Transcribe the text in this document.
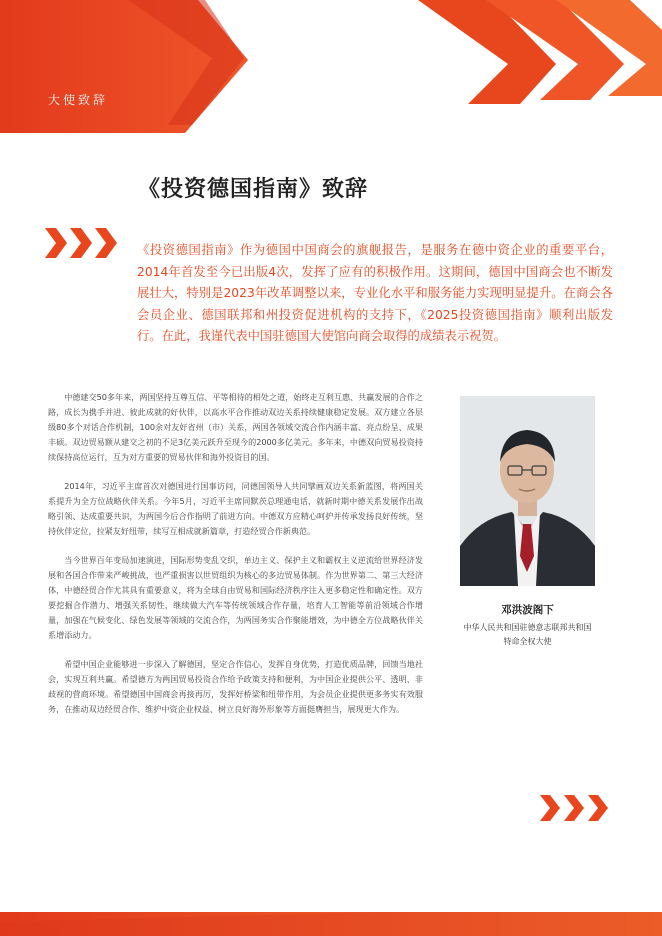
大使致辞
《投资德国指南》致辞

《投资德国指南》作为德国中国商会的旗舰报告，是服务在德中资企业的重要平台，2014年首发至今已出版4次，发挥了应有的积极作用。这期间，德国中国商会也不断发展壮大，特别是2023年改革调整以来，专业化水平和服务能力实现明显提升。在商会各会员企业、德国联邦和州投资促进机构的支持下，《2025投资德国指南》顺利出版发行。在此，我谨代表中国驻德国大使馆向商会取得的成绩表示祝贺。

中德建交50多年来，两国坚持互尊互信、平等相待的相处之道，始终走互利互惠、共赢发展的合作之路，成长为携手并进、彼此成就的好伙伴，以高水平合作推动双边关系持续健康稳定发展。双方建立各层级80多个对话合作机制，100余对友好省州（市）关系，两国各领域交流合作内涵丰富、亮点纷呈、成果丰硕。双边贸易额从建交之初的不足3亿美元跃升至现今的2000多亿美元。多年来，中德双向贸易投资持续保持高位运行，互为对方重要的贸易伙伴和海外投资目的国。

2014年，习近平主席首次对德国进行国事访问，同德国领导人共同擘画双边关系新蓝图，将两国关系提升为全方位战略伙伴关系。今年5月，习近平主席同默茨总理通电话，就新时期中德关系发展作出战略引领、达成重要共识，为两国今后合作指明了前进方向。中德双方应精心呵护并传承发扬良好传统，坚持伙伴定位，拉紧友好纽带，续写互相成就新篇章，打造经贸合作新典范。

当今世界百年变局加速演进，国际形势变乱交织，单边主义、保护主义和霸权主义逆流给世界经济发展和各国合作带来严峻挑战，也严重损害以世贸组织为核心的多边贸易体制。作为世界第二、第三大经济体，中德经贸合作尤其具有重要意义，将为全球自由贸易和国际经济秩序注入更多稳定性和确定性。双方要挖掘合作潜力、增强关系韧性，继续做大汽车等传统领域合作存量，培育人工智能等前沿领域合作增量，加强在气候变化、绿色发展等领域的交流合作，为两国务实合作聚能增效，为中德全方位战略伙伴关系增添动力。

希望中国企业能够进一步深入了解德国，坚定合作信心，发挥自身优势，打造优质品牌，回馈当地社会，实现互利共赢。希望德方为两国贸易投资合作给予政策支持和便利，为中国企业提供公平、透明、非歧视的营商环境。希望德国中国商会再接再厉，发挥好桥梁和纽带作用，为会员企业提供更多务实有效服务，在推动双边经贸合作、维护中资企业权益、树立良好海外形象等方面挺膺担当，展现更大作为。

邓洪波阁下
中华人民共和国驻德意志联邦共和国
特命全权大使
